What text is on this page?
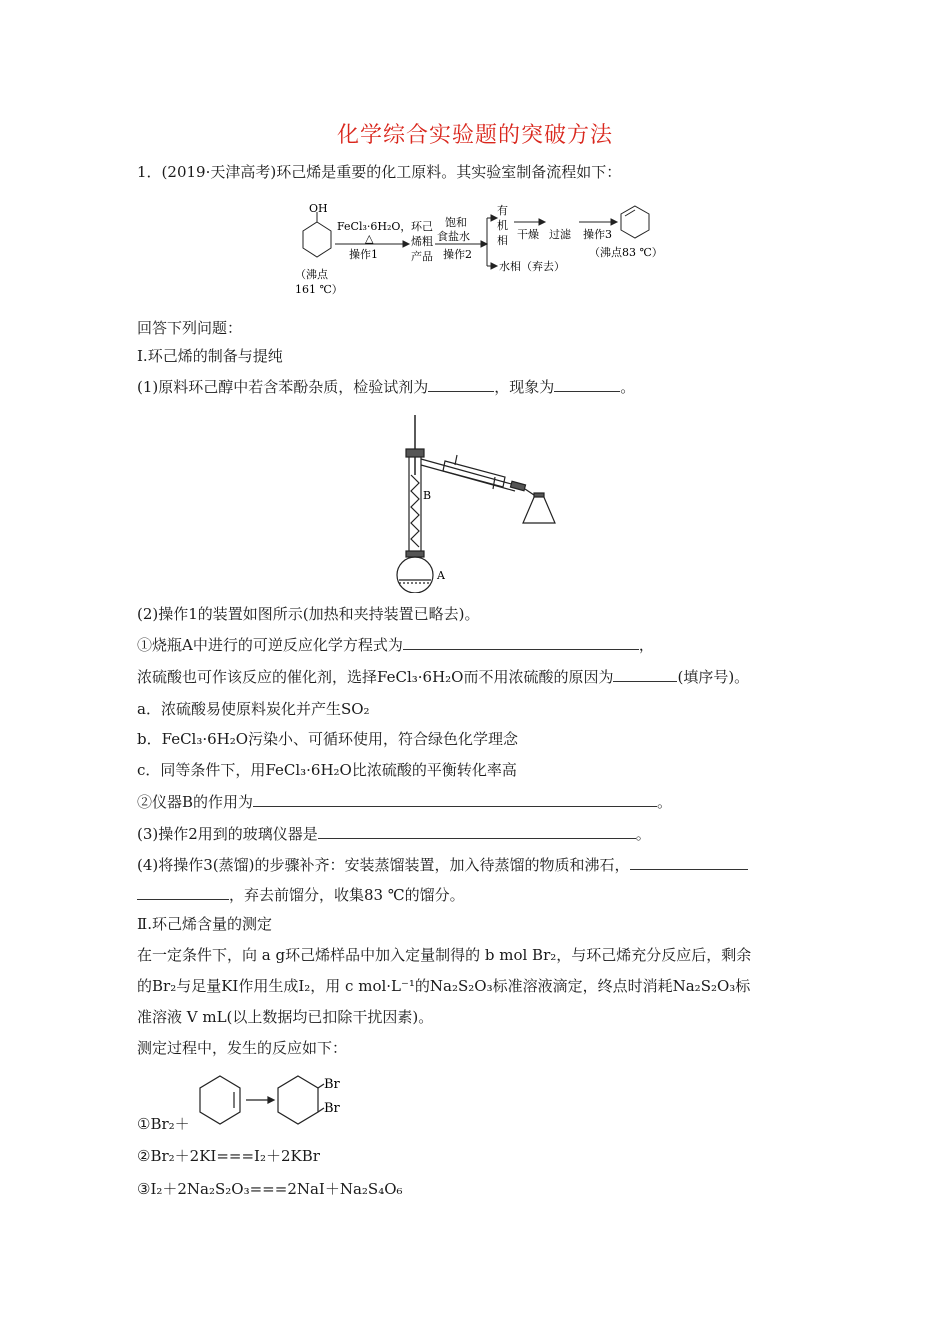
化学综合实验题的突破方法
1．(2019·天津高考)环己烯是重要的化工原料。其实验室制备流程如下：
OH
FeCl₃·6H₂O，
△
操作1
（沸点
161 ℃）
环己
烯粗
产品
饱和
食盐水
操作2
有
机
相 干燥 过滤 操作3
水相（弃去）
（沸点83 ℃）
回答下列问题：
Ⅰ.环己烯的制备与提纯
(1)原料环己醇中若含苯酚杂质，检验试剂为	，现象为	。
B
A
(2)操作1的装置如图所示(加热和夹持装置已略去)。
①烧瓶A中进行的可逆反应化学方程式为	，
浓硫酸也可作该反应的催化剂，选择FeCl₃·6H₂O而不用浓硫酸的原因为	(填序号)。
a．浓硫酸易使原料炭化并产生SO₂
b．FeCl₃·6H₂O污染小、可循环使用，符合绿色化学理念
c．同等条件下，用FeCl₃·6H₂O比浓硫酸的平衡转化率高
②仪器B的作用为	。
(3)操作2用到的玻璃仪器是	。
(4)将操作3(蒸馏)的步骤补齐：安装蒸馏装置，加入待蒸馏的物质和沸石，
，弃去前馏分，收集83 ℃的馏分。
Ⅱ.环己烯含量的测定
在一定条件下，向 a g环己烯样品中加入定量制得的 b mol Br₂，与环己烯充分反应后，剩余
的Br₂与足量KI作用生成I₂，用 c mol·L⁻¹的Na₂S₂O₃标准溶液滴定，终点时消耗Na₂S₂O₃标
准溶液 V mL(以上数据均已扣除干扰因素)。
测定过程中，发生的反应如下：
Br
Br
①Br₂＋
②Br₂＋2KI===I₂＋2KBr
③I₂＋2Na₂S₂O₃===2NaI＋Na₂S₄O₆
